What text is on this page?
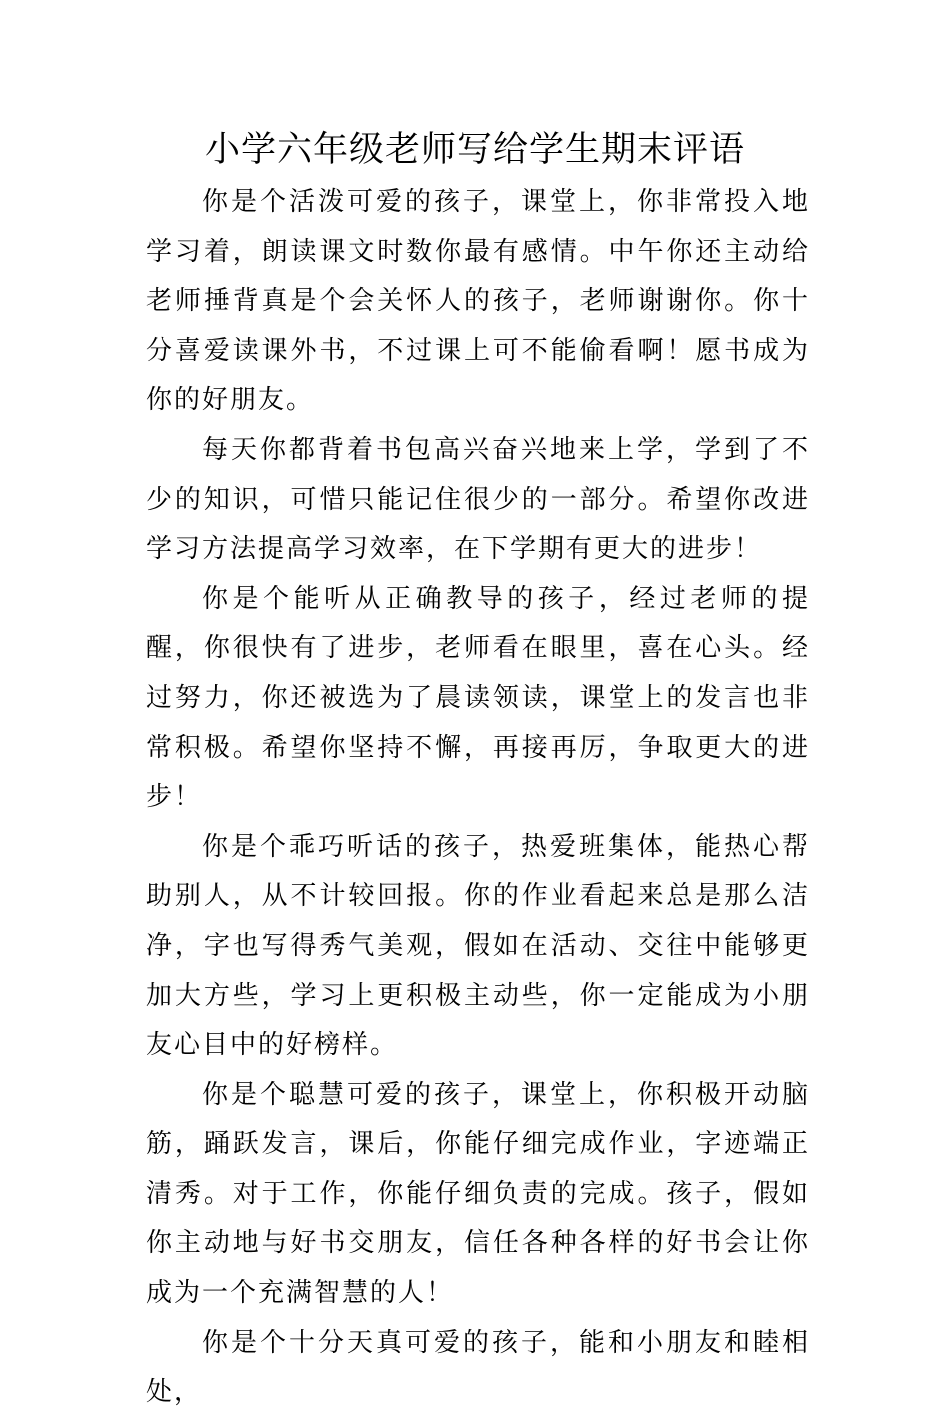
小学六年级老师写给学生期末评语

你是个活泼可爱的孩子，课堂上，你非常投入地学习着，朗读课文时数你最有感情。中午你还主动给老师捶背真是个会关怀人的孩子，老师谢谢你。你十分喜爱读课外书，不过课上可不能偷看啊！愿书成为你的好朋友。

每天你都背着书包高兴奋兴地来上学，学到了不少的知识，可惜只能记住很少的一部分。希望你改进学习方法提高学习效率，在下学期有更大的进步！

你是个能听从正确教导的孩子，经过老师的提醒，你很快有了进步，老师看在眼里，喜在心头。经过努力，你还被选为了晨读领读，课堂上的发言也非常积极。希望你坚持不懈，再接再厉，争取更大的进步！

你是个乖巧听话的孩子，热爱班集体，能热心帮助别人，从不计较回报。你的作业看起来总是那么洁净，字也写得秀气美观，假如在活动、交往中能够更加大方些，学习上更积极主动些，你一定能成为小朋友心目中的好榜样。

你是个聪慧可爱的孩子，课堂上，你积极开动脑筋，踊跃发言，课后，你能仔细完成作业，字迹端正清秀。对于工作，你能仔细负责的完成。孩子，假如你主动地与好书交朋友，信任各种各样的好书会让你成为一个充满智慧的人！

你是个十分天真可爱的孩子，能和小朋友和睦相处，
